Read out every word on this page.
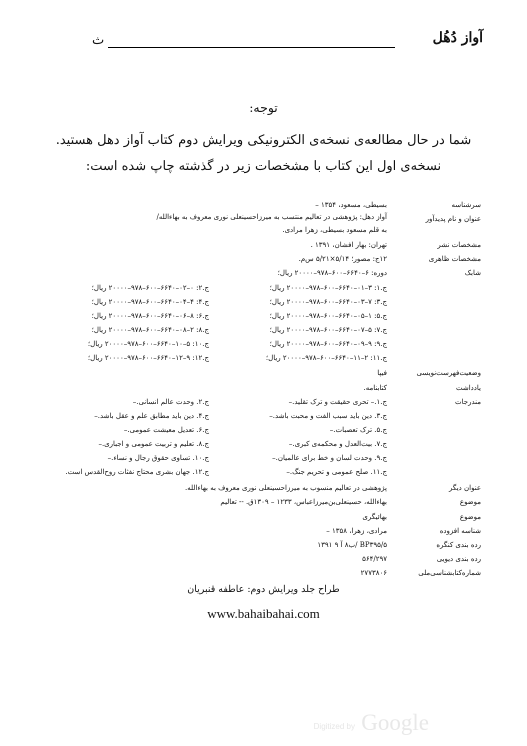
آواز دُهُل
ث
توجه:
شما در حال مطالعه‌ی نسخه‌ی الکترونیکی ویرایش دوم کتاب آواز دهل هستید. نسخه‌ی اول این کتاب با مشخصات زیر در گذشته چاپ شده است:
سرشناسه
عنوان و نام پدیدآور
مشخصات نشر
مشخصات ظاهری
شابک
وضعیت‌فهرست‌نویسی
یادداشت
مندرجات
عنوان دیگر
موضوع
موضوع
شناسه افزوده
رده بندی کنگره
رده بندی دیویی
شماره‌کتابشناسی‌ملی
بسیطی، مسعود، ۱۳۵۴ –
آواز دهل: پژوهشی در تعالیم منتسب به میرزاحسینعلی نوری معروف به بهاءالله/
به قلم مسعود بسیطی، زهرا مرادی.
تهران: بهار افشان، ۱۳۹۱ .
۱۲ج: مصور؛ ۵/۱۴×۵/۲۱ س‌م.
دوره: ۶–۶۶۴۰–۶۰۰–۹۷۸–۲۰۰۰۰ ریال؛
ج.۱: ۳–۰۱–۶۶۴۰–۶۰۰–۹۷۸–۲۰۰۰۰ ریال؛
ج.۳: ۷–۰۳–۶۶۴۰–۶۰۰–۹۷۸–۲۰۰۰۰ ریال؛
ج.۵: ۱–۰۵–۶۶۴۰–۶۰۰–۹۷۸–۲۰۰۰۰ ریال؛
ج.۷: ۵–۰۷–۶۶۴۰–۶۰۰–۹۷۸–۲۰۰۰۰ ریال؛
ج.۹: ۹–۰۹–۶۶۴۰–۶۰۰–۹۷۸–۲۰۰۰۰ ریال؛
ج.۱۱: ۲–۱۱–۶۶۴۰–۶۰۰–۹۷۸–۲۰۰۰۰ ریال؛
ج.۲: ۰–۰۲–۶۶۴۰–۶۰۰–۹۷۸–۲۰۰۰۰ ریال؛
ج.۴: ۴–۰۴–۶۶۴۰–۶۰۰–۹۷۸–۲۰۰۰۰ ریال؛
ج.۶: ۸–۰۶–۶۶۴۰–۶۰۰–۹۷۸–۲۰۰۰۰ ریال؛
ج.۸: ۲–۰۸–۶۶۴۰–۶۰۰–۹۷۸–۲۰۰۰۰ ریال؛
ج.۱۰: ۵–۱۰–۶۶۴۰–۶۰۰–۹۷۸–۲۰۰۰۰ ریال؛
ج.۱۲: ۹–۱۲–۶۶۴۰–۶۰۰–۹۷۸–۲۰۰۰۰ ریال؛
فیپا
کتابنامه.
ج.۱.– تحری حقیقت و ترک تقلید.–
ج.۳. دین باید سبب الفت و محبت باشد.–
ج.۵. ترک تعصبات.–
ج.۷. بیت‌العدل و محکمه‌ی کبری.–
ج.۹. وحدت لسان و خط برای عالمیان.–
ج.۱۱. صلح عمومی و تحریم جنگ.–
ج.۲. وحدت عالم انسانی.–
ج.۴. دین باید مطابق علم و عقل باشد.–
ج.۶. تعدیل معیشت عمومی.–
ج.۸. تعلیم و تربیت عمومی و اجباری.–
ج.۱۰. تساوی حقوق رجال و نساء.–
ج.۱۲. جهان بشری محتاج نفثات روح‌القدس است.
پژوهشی در تعالیم منسوب به میرزاحسینعلی نوری معروف به بهاءالله.
بهاءالله، حسینعلی‌بن‌میرزاعباس، ۱۲۳۳ – ۱۳۰۹ق. -- تعالیم
بهائیگری
مرادی، زهرا، ۱۳۵۸ –
BP۳۹۵/۵ /ب۸ آ ۹ ۱۳۹۱
۵۶۴/۲۹۷
۲۷۷۳۸۰۶
طراح جلد ویرایش دوم: عاطفه قنبریان
www.bahaibahai.com
Digitized by Google
